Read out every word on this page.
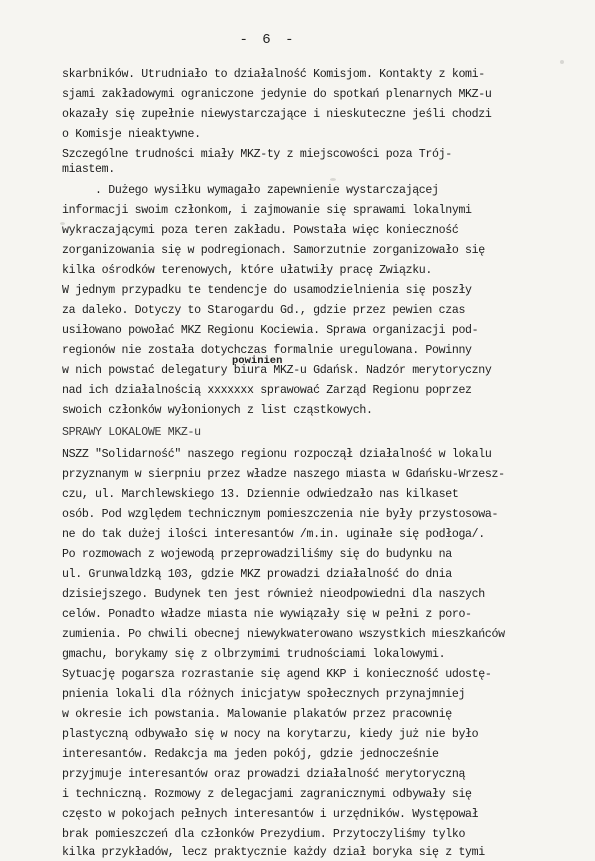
- 6 -
skarbników. Utrudniało to działalność Komisjom. Kontakty z komi-
sjami zakładowymi ograniczone jedynie do spotkań plenarnych MKZ-u
okazały się zupełnie niewystarczające i nieskuteczne jeśli chodzi
o Komisje nieaktywne.
Szczególne trudności miały MKZ-ty z miejscowości poza Trój-
miastem.
. Dużego wysiłku wymagało zapewnienie wystarczającej
informacji swoim członkom, i zajmowanie się sprawami lokalnymi
wykraczającymi poza teren zakładu. Powstała więc konieczność
zorganizowania się w podregionach. Samorzutnie zorganizowało się
kilka ośrodków terenowych, które ułatwiły pracę Związku.
W jednym przypadku te tendencje do usamodzielnienia się poszły
za daleko. Dotyczy to Starogardu Gd., gdzie przez pewien czas
usiłowano powołać MKZ Regionu Kociewia. Sprawa organizacji pod-
regionów nie została dotychczas formalnie uregulowana. Powinny
powinien
w nich powstać delegatury biura MKZ-u Gdańsk. Nadzór merytoryczny
nad ich działalnością xxxxxxx sprawować Zarząd Regionu poprzez
swoich członków wyłonionych z list cząstkowych.
SPRAWY LOKALOWE MKZ-u
NSZZ "Solidarność" naszego regionu rozpoczął działalność w lokalu
przyznanym w sierpniu przez władze naszego miasta w Gdańsku-Wrzesz-
czu, ul. Marchlewskiego 13. Dziennie odwiedzało nas kilkaset
osób. Pod względem technicznym pomieszczenia nie były przystosowa-
ne do tak dużej ilości interesantów /m.in. uginałe się podłoga/.
Po rozmowach z wojewodą przeprowadziliśmy się do budynku na
ul. Grunwaldzką 103, gdzie MKZ prowadzi działalność do dnia
dzisiejszego. Budynek ten jest również nieodpowiedni dla naszych
celów. Ponadto władze miasta nie wywiązały się w pełni z poro-
zumienia. Po chwili obecnej niewykwaterowano wszystkich mieszkańców
gmachu, borykamy się z olbrzymimi trudnościami lokalowymi.
Sytuację pogarsza rozrastanie się agend KKP i konieczność udostę-
pnienia lokali dla różnych inicjatyw społecznych przynajmniej
w okresie ich powstania. Malowanie plakatów przez pracownię
plastyczną odbywało się w nocy na korytarzu, kiedy już nie było
interesantów. Redakcja ma jeden pokój, gdzie jednocześnie
przyjmuje interesantów oraz prowadzi działalność merytoryczną
i techniczną. Rozmowy z delegacjami zagranicznymi odbywały się
często w pokojach pełnych interesantów i urzędników. Występował
brak pomieszczeń dla członków Prezydium. Przytoczyliśmy tylko
kilka przykładów, lecz praktycznie każdy dział boryka się z tymi
